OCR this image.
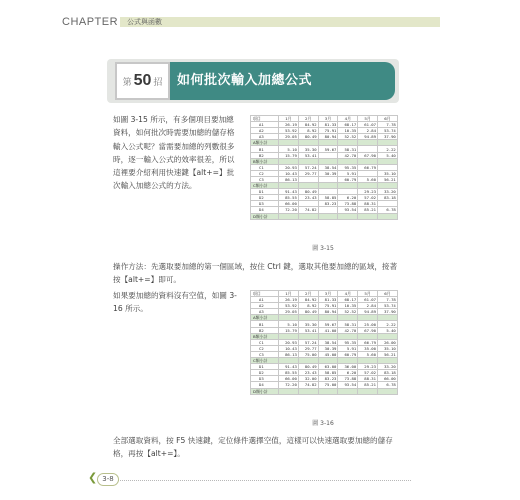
CHAPTER 公式與函數
第 50 招 如何批次輸入加總公式

如圖 3-15 所示，有多個項目要加總資料，如何批次時需要加總的儲存格輸入公式呢？當需要加總的列數很多時，逐一輸入公式的效率很差，所以這裡要介紹利用快速鍵【alt+=】批次輸入加總公式的方法。

項目	1月	2月	3月	4月	5月	6月
A1	26.19	84.92	81.33	68.17	61.07	7.78
A2	53.92	8.92	75.91	10.35	2.84	53.74
A3	29.05	80.49	80.94	52.52	94.89	37.90
A類小計						
B1	5.10	35.30	59.67	58.31		2.22
B2	15.79	53.41		42.70	67.90	5.40
B類小計						
C1	20.93	57.24	38.54	95.35	66.79	
C2	10.43	29.77	30.39	5.91		35.10
C3	86.13			60.79	5.60	56.21
C類小計						
D1	91.43	80.49			29.23	33.20
D2	85.55	23.43	58.85	6.20	57.02	83.18
D3	66.00		83.23	73.88	88.31	
D4	72.20	74.82		93.54	85.21	6.78
D類小計						
圖 3-15

操作方法：先選取要加總的第一個區域，按住 Ctrl 鍵，選取其他要加總的區域，接著按【alt+=】即可。

如果要加總的資料沒有空值，如圖 3-16 所示。

項目	1月	2月	3月	4月	5月	6月
A1	26.19	84.92	81.33	68.17	61.07	7.78
A2	53.92	8.92	75.91	10.35	2.84	53.74
A3	29.05	80.49	80.94	52.52	94.89	37.90
A類小計						
B1	5.10	35.30	59.67	58.31	25.00	2.22
B2	15.79	53.41	41.00	42.70	67.90	5.40
B類小計						
C1	20.93	57.24	38.54	95.35	66.79	26.00
C2	10.43	29.77	30.39	5.91	35.00	35.10
C3	86.13	75.00	45.00	60.79	5.60	56.21
C類小計						
D1	91.43	80.49	63.00	36.00	29.23	33.20
D2	85.55	23.43	58.85	6.20	57.02	83.18
D3	66.00	32.00	83.23	73.88	88.31	66.00
D4	72.20	74.82	75.00	93.54	85.21	6.78
D類小計						
圖 3-16

全部選取資料，按 F5 快速鍵，定位條件選擇空值，這樣可以快速選取要加總的儲存格，再按【alt+=】。

❮ 3-8
